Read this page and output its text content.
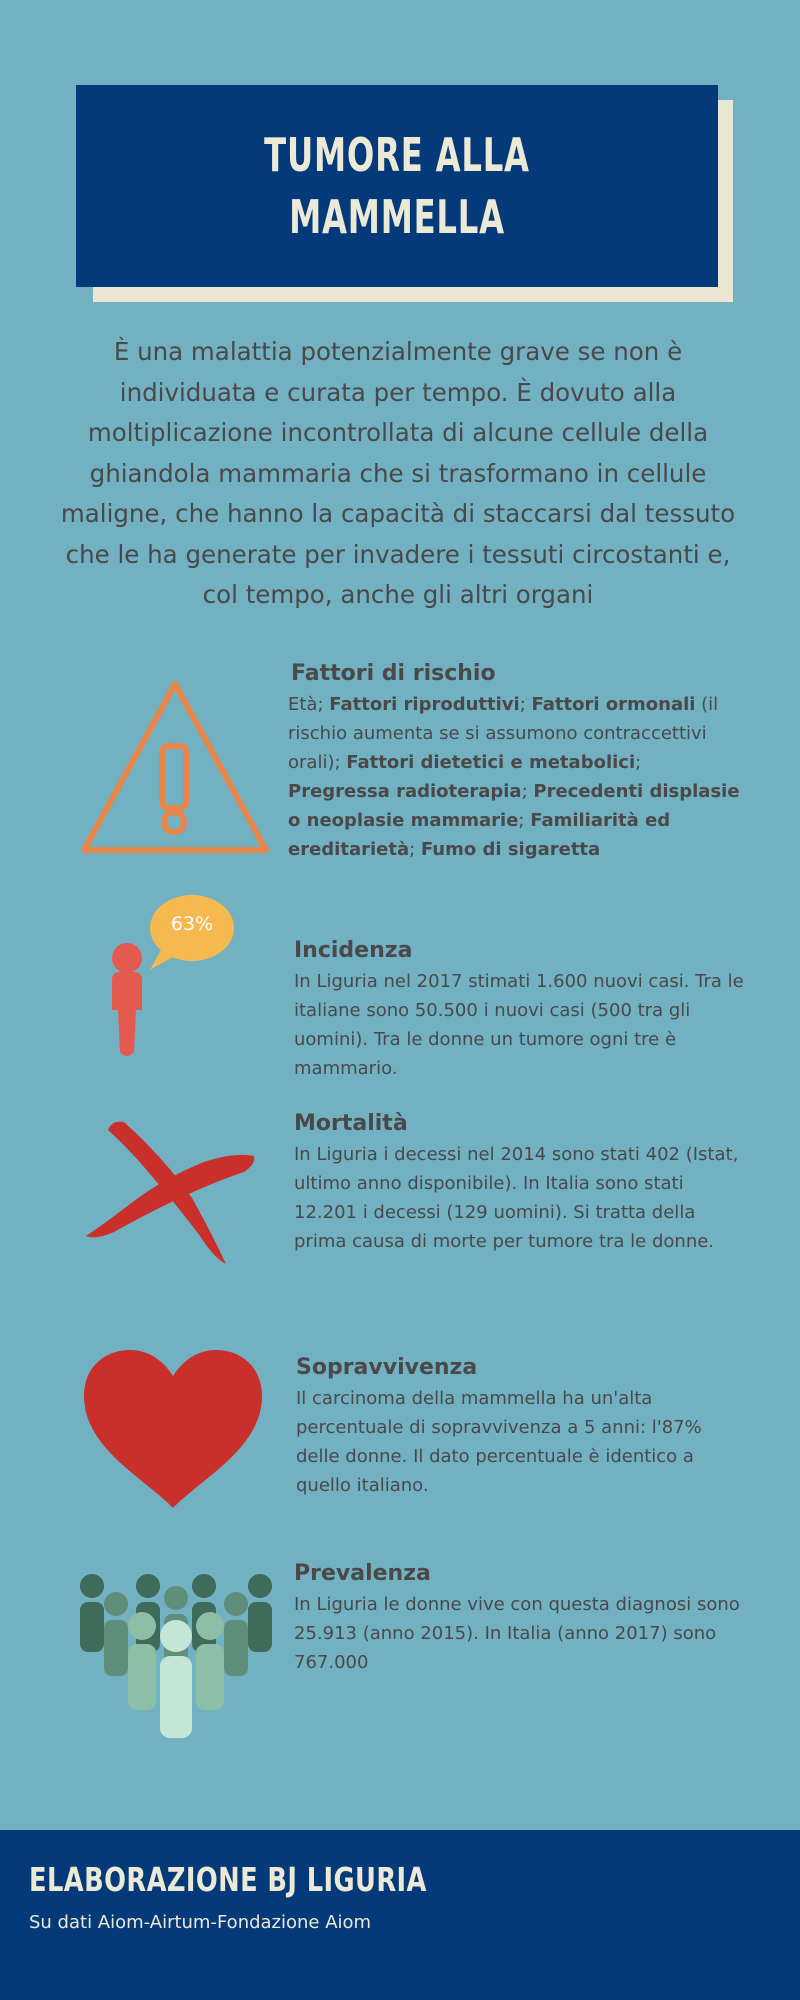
TUMORE ALLA
MAMMELLA
È una malattia potenzialmente grave se non è individuata e curata per tempo. È dovuto alla moltiplicazione incontrollata di alcune cellule della ghiandola mammaria che si trasformano in cellule maligne, che hanno la capacità di staccarsi dal tessuto che le ha generate per invadere i tessuti circostanti e, col tempo, anche gli altri organi
Fattori di rischio
Età; Fattori riproduttivi; Fattori ormonali (il rischio aumenta se si assumono contraccettivi orali); Fattori dietetici e metabolici; Pregressa radioterapia; Precedenti displasie o neoplasie mammarie; Familiarità ed ereditarietà; Fumo di sigaretta
63%
Incidenza
In Liguria nel 2017 stimati 1.600 nuovi casi. Tra le italiane sono 50.500 i nuovi casi (500 tra gli uomini). Tra le donne un tumore ogni tre è mammario.
Mortalità
In Liguria i decessi nel 2014 sono stati 402 (Istat, ultimo anno disponibile). In Italia sono stati 12.201 i decessi (129 uomini). Si tratta della prima causa di morte per tumore tra le donne.
Sopravvivenza
Il carcinoma della mammella ha un'alta percentuale di sopravvivenza a 5 anni: l'87% delle donne. Il dato percentuale è identico a quello italiano.
Prevalenza
In Liguria le donne vive con questa diagnosi sono 25.913 (anno 2015). In Italia (anno 2017) sono 767.000
ELABORAZIONE BJ LIGURIA
Su dati Aiom-Airtum-Fondazione Aiom
